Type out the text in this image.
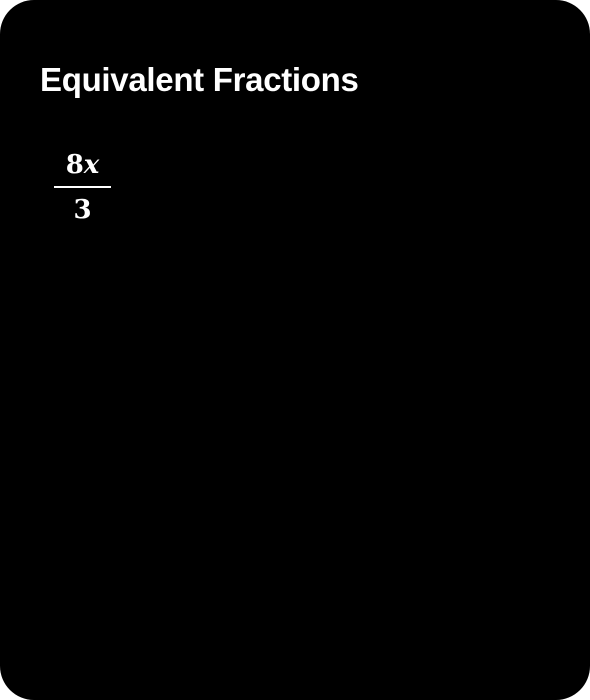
Equivalent Fractions
8x
3
